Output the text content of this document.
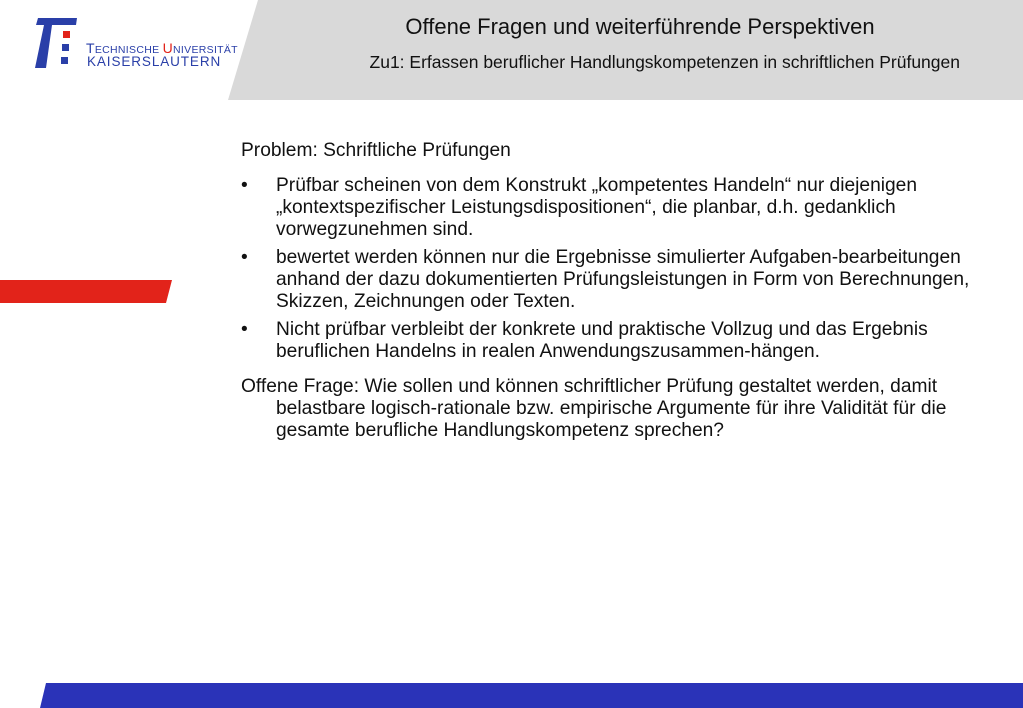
Offene Fragen und weiterführende Perspektiven
Zu1: Erfassen beruflicher Handlungskompetenzen in schriftlichen Prüfungen
TECHNISCHE UNIVERSITÄT
KAISERSLAUTERN
Problem: Schriftliche Prüfungen
• Prüfbar scheinen von dem Konstrukt „kompetentes Handeln“ nur diejenigen „kontextspezifischer Leistungsdispositionen“, die planbar, d.h. gedanklich vorwegzunehmen sind.
• bewertet werden können nur die Ergebnisse simulierter Aufgaben-bearbeitungen anhand der dazu dokumentierten Prüfungsleistungen in Form von Berechnungen, Skizzen, Zeichnungen oder Texten.
• Nicht prüfbar verbleibt der konkrete und praktische Vollzug und das Ergebnis beruflichen Handelns in realen Anwendungszusammen-hängen.
Offene Frage: Wie sollen und können schriftlicher Prüfung gestaltet werden, damit belastbare logisch-rationale bzw. empirische Argumente für ihre Validität für die gesamte berufliche Handlungskompetenz sprechen?
